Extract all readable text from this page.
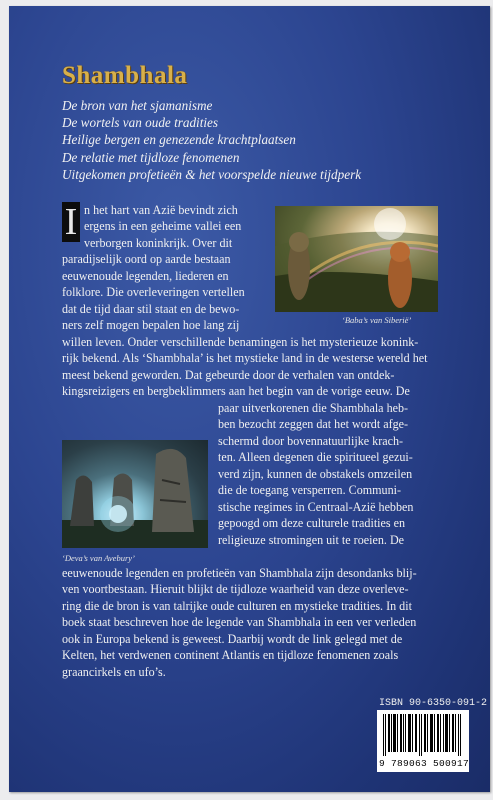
Shambhala
De bron van het sjamanisme
De wortels van oude tradities
Heilige bergen en genezende krachtplaatsen
De relatie met tijdloze fenomenen
Uitgekomen profetieën & het voorspelde nieuwe tijdperk
I n het hart van Azië bevindt zich
ergens in een geheime vallei een
verborgen koninkrijk. Over dit
paradijselijk oord op aarde bestaan
eeuwenoude legenden, liederen en
folklore. Die overleveringen vertellen
dat de tijd daar stil staat en de bewo-
ners zelf mogen bepalen hoe lang zij
willen leven. Onder verschillende benamingen is het mysterieuze konink-
rijk bekend. Als ‘Shambhala’ is het mystieke land in de westerse wereld het
meest bekend geworden. Dat gebeurde door de verhalen van ontdek-
kingsreizigers en bergbeklimmers aan het begin van de vorige eeuw. De
paar uitverkorenen die Shambhala heb-
ben bezocht zeggen dat het wordt afge-
schermd door bovennatuurlijke krach-
ten. Alleen degenen die spiritueel gezui-
verd zijn, kunnen de obstakels omzeilen
die de toegang versperren. Communi-
stische regimes in Centraal-Azië hebben
gepoogd om deze culturele tradities en
religieuze stromingen uit te roeien. De
eeuwenoude legenden en profetieën van Shambhala zijn desondanks blij-
ven voortbestaan. Hieruit blijkt de tijdloze waarheid van deze overleve-
ring die de bron is van talrijke oude culturen en mystieke tradities. In dit
boek staat beschreven hoe de legende van Shambhala in een ver verleden
ook in Europa bekend is geweest. Daarbij wordt de link gelegd met de
Kelten, het verdwenen continent Atlantis en tijdloze fenomenen zoals
graancirkels en ufo’s.
‘Baba’s van Siberië’
‘Deva’s van Avebury’
ISBN 90-6350-091-2
9 789063 500917
